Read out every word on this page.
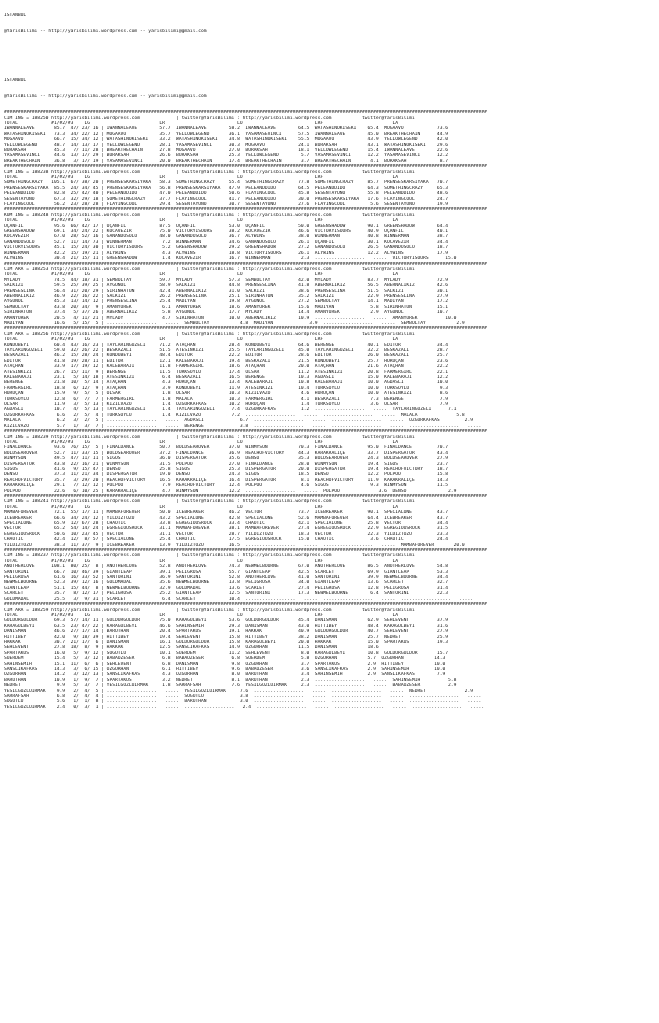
ISTANBUL

@YarisBilimi -- http://yarisbilimi.wordpress.com -- yarisbilimi@gmail.com

ISTANBUL

@YarisBilimi -- http://yarisbilimi.wordpress.com -- yarisbilimi@gmail.com

##############################################################################################################################################################################
CIM ING = 188250 http://yarisbilimi.wordpress.com             | twitter@YarisBilimi : http://yarisbilimi.wordpress.com           twitter@YarisBilimi
TOTAL            #1/#2/#3    LG                         LR                          LO                          LRF                         LA
IWANNALEAVE       85.7  47/ 23/ 16 | IWANNALEAVE        57.7  IWANNALEAVE        58.2  IWANNALEAVE        64.5  WATASHINOKISEKI    65.4  MOGAAVO            73.6
WATASHINOKISEKI   73.3  34/ 22/ 12 | MOGAAVO            35.7  YELLOWLEGEND       36.1  YASAMASEVINCI      57.5  IWANNALEAVE        45.0  BREAKTHECHAIN      44.9
MOGAAVO           66.7  15/ 34/ 12 | WATASHINOKISEKI    33.2  WATASHINOKISEKI    34.8  WATASHINOKISEKI    55.5  MOGAAVO            43.9  YELLOWLEGEND       42.0
YELLOWLEGEND      48.7  14/ 13/ 17 | YELLOWLEGEND       28.1  YASAMASEVINCI      30.3  MOGAAVO            24.1  BURAKSAH           43.1  WATASHINOKISEKI    29.6
BURAKSAH          45.3   7/ 11/ 28 | BREAKTHECHAIN      27.8  MOGAAVO            27.0  BURAKSAH           18.1  YELLOWLEGEND       15.4  IWANNALEAVE        22.6
YASAMASEVINCI     44.6  13/ 17/ 29 | BURAKSAH           26.6  BURAKSAH           25.3  YELLOWLEGEND        5.7  YASAMASEVINCI      12.2  YASAMASEVINCI      12.2
BREAKTHECHAIN     36.8   3/ 17/ 19 | YASAMASEVINCI      20.0  BREAKTHECHAIN      17.4  BREAKTHECHAIN       3.7  BREAKTHECHAIN       4.1  BURAKSAH            8.7
##############################################################################################################################################################################
CIM ING = 188238 http://yarisbilimi.wordpress.com             | twitter@YarisBilimi : http://yarisbilimi.wordpress.com           twitter@YarisBilimi
TOTAL            #1/#2/#3    LG                         LR                          LO                          LRF                         LA
SOMETHINGCRAZY   105.1  67/ 38/ 20 | PRENSESKARSIYAKA   58.3  SOMETHINGCRAZY     55.4  SOMETHINGCRAZY     77.8  SOMETHINGCRAZY     85.7  PRENSESKARSIYAKA   70.7
PRENSESKARSIYAKA  85.5  24/ 34/ 45 | PRENSESKARSIYAKA   56.8  PRENSESKARSIYAKA   47.9  PELEANDDIDO        64.5  PELEANDDIDO        64.3  SOMETHINGCRAZY     65.3
PELEANDDIDO       82.8  25/ 42/ 40 | PELEANDDIDO        47.0  PELEANDDIDO        50.6  FLAYINGCOOL        45.8  SESENTAYUNO        55.8  PELEANDDIDO        48.6
SESENTAYUNO       67.3  32/ 29/ 18 | SOMETHINGCRAZY     37.7  FLAYINGCOOL        41.7  PELEANDDIDO        30.0  PRENSESKARSIYAKA   17.6  FLAYINGCOOL        24.7
FLAYINGCOOL       56.2  23/ 28/ 28 | FLAYINGCOOL        29.4  SESENTAYUNO        30.7  SESENTAYUNO        27.6  FLAYINGCOOL         5.6  SESENTAYUNO        19.9
##############################################################################################################################################################################
KUM ING = 188248 http://yarisbilimi.wordpress.com             | twitter@YarisBilimi : http://yarisbilimi.wordpress.com           twitter@YarisBilimi
TOTAL            #1/#2/#3    LG                         LR                          LO                          LRF                         LA
UÇANFİL           95.6  66/ 42/ 17 | UÇANFİL            87.5  UÇANFİL            53.0  UÇANFİL            50.0  GREENSHADOW        90.1  GREENSHADOW        64.4
GREENSHADOW       69.1  34/ 24/ 22 | KOCAVEZİR          75.0  VICTORYISOURS      38.2  KOCAVEZİR          46.6  VICTORYISOURS      40.9  UÇANFİL            40.1
KOCAVEZİR         67.0  28/ 52/ 16 | GANANDOSOLO        48.0  GANANDOSOLO        36.7  ALYWINS            38.0  WINNERMAN          40.8  WINNERMAN          38.7
GANANDOSOLO       52.7  11/ 14/ 73 | WINNERMAN           7.2  WINNERMAN          34.6  GANANDOSOLO        26.1  UÇANFİL            30.1  KOCAVEZİR          34.4
VICTORYISOURS     45.1  15/ 24/ 30 | VICTORYISOURS       5.2  GREENSHADOW        29.2  GREENSHADOW        27.2  GANANDOSOLO        26.5  GANANDOSOLO        18.7
WINNERMAN         42.2  15/ 19/ 21 | ALYWINS             4.3  ALYWINS            18.8  VICTORYISOURS      26.1  ALYWINS            12.2  ALYWINS            17.9
ALYWINS           30.4  21/ 15/ 11 | GREENSHADOW         1.4  KOCAVEZİR          16.7  WINNERMAN           2.3  ..................   .....  VICTORYISOURS      15.0
##############################################################################################################################################################################
CIM ARA = 188253 http://yarisbilimi.wordpress.com             | twitter@YarisBilimi : http://yarisbilimi.wordpress.com           twitter@YarisBilimi
TOTAL            #1/#2/#3    LG                         LR                          LO                          LRF                         LA
MYLADY            74.5  44/ 18/ 31 | SEMBOLTAY          59.7  MYLADY             57.3  SEMBOLTAY          42.0  MYLADY             83.7  MYLADY             72.9
SALKIZI           59.5  25/ 39/ 25 | AYGÜNOL            58.9  SALKIZI            44.8  PRENSESLINA        41.8  ABERNALIKIZ        56.5  ABERNALIKIZ        42.6
PRENSESLINA       56.4  31/ 20/ 29 | SIRINHATUN         42.4  ABERNALIKIZ        31.0  SALKIZI            38.6  PRENSESLINA        51.5  SALKIZI            30.1
ABERNALIKIZ       46.9  22/ 16/ 22 | SALKIZI            26.2  PRENSESLINA        25.1  SIRINHATUN         35.2  SALKIZI            22.9  PRENSESLINA        27.9
AYGÜNOL           45.3  13/ 14/ 12 | PRENSESLINA        25.4  MADIYAN            19.8  AYGÜNOL            27.2  SEMBOLTAY          14.1  MADIYAN            17.2
SEMBOLTAY         43.8  20/ 34/  9 | AMANYÜREK           6.1  AMANYÜREK          18.6  AMANYÜREK          15.6  MADIYAN             5.8  SIRINHATUN         15.1
SIRINHATUN        37.4   5/ 37/ 26 | ABERNALIKIZ         5.8  AYGÜNOL            17.7  MYLADY             14.4  AMANYÜREK           2.9  AYGÜNOL            10.7
AMANYÜREK         20.5   4/ 11/ 21 | MYLADY              4.7  SIRINHATUN         10.0  ABERNALIKIZ        10.9  ..................   .....  AMANYÜREK          10.0
MADIYAN           16.6   5/ 15/  5 | ..................   .....  SEMBOLTAY           4.8  MADIYAN             3.9  ..................   .....  SEMBOLTAY           2.9
##############################################################################################################################################################################
CIM ARA = 188256 http://yarisbilimi.wordpress.com             | twitter@YarisBilimi : http://yarisbilimi.wordpress.com           twitter@YarisBilimi
TOTAL            #1/#2/#3    LG                         LR                          LO                          LRF                         LA
KONDUBEYI         60.4  43/ 16/ 23 | TAYLARINGÜZELI     71.2  ATAÇHAN            28.4  KONDUBEYI          64.6  BERENGE            40.1  EDITÖR             34.4
TAYLARINGÜZELI    59.0  32/ 26/ 22 | BESKAZALI          51.5  ATESINKIZI         25.5  TAYLARINGÜZELI     45.0  TAYLARINGÜZELI     32.2  BESKAZALI          28.7
BESKAZALI         46.2  15/ 28/ 24 | KONDUBEYI          48.4  EDITÖR             22.2  EDITÖR             28.6  EDITÖR             26.0  BESKAZALI          25.7
EDITÖR            41.8  19/ 28/ 11 | EDITÖR             12.1  KALEBARAJI         19.4  BESKAZALI          21.5  KONDUBEYI          25.7  HÜRUÇAN            23.6
ATAÇHAN           33.9  17/ 19/ 12 | KALEBARAJI         11.8  FARMERGIRL         18.6  ATAÇHAN            20.0  ATAÇHAN            21.6  ATAÇHAN            22.2
ATESINKIZI        26.7  15/ 11/  9 | BERENGE            11.5  TÜRKSOYLU          17.4  OLSAR              11.2  ATESINKIZI         20.8  FARMERGIRL         22.1
KALEBARAJI        23.1   5/ 14/ 18 | ATESINKIZI          6.4  BESKAZALI          16.5  BERENGE            10.3  AGDASLI            15.0  KALEBARAJI         12.2
BERENGE           21.8  10/  5/ 14 | ATAÇHAN             4.3  HÜRUÇAN            13.4  KALEBARAJI         10.8  KALEBARAJI         10.0  AGDASLI            10.0
FARMERGIRL        18.8   6/ 12/  9 | ATAÇHAN             3.9  KONDUBEYI          11.9  ATESINKIZI         10.4  TÜRKSOYLU          10.0  TÜRKSOYLU           9.3
HÜRUÇAN           15.9   9/  5/  5 | OLSAR               1.8  OLSAR              10.3  KIZILVAZO           4.6  HÜRUÇAN            10.0  ATESINKIZI          8.6
TÜRKSOYLU         12.8   6/  7/  7 | FARMERGIRL          1.8  MALALA             10.3  FARMERGIRL          4.1  BESKAZALI           7.3  BERENGE             7.9
OLSAR             11.9   3/  5/ 13 | KIZILVAZO           1.4  ÖZGÜRKAFKAS        10.2  HÜRUÇAN             1.4  TÜRKSOYLU           3.6  OLSAR               7.9
AGDASLI           10.7   4/  5/ 13 | TAYLARINGÜZELI      1.4  TAYLARINGÜZELI      7.4  ÖZGÜRKAFKAS         1.2  ..................   .....  TAYLARINGÜZELI      7.1
ÖZGÜRKAFKAS        6.6   2/  5/  4 | TÜRKSOYLU           1.4  KIZILVAZO           7.2  ..................   .....  ..................   .....  MALALA              5.8
MALALA             6.2   3/  2/  5 | ..................   .....  AGDASLI             6.7  ..................   .....  ..................   .....  ÖZGÜRKAFKAS         2.9
KIZILVAZO          5.7   1/  3/  7 | ..................   .....  BERENGE             3.8  ..................   .....  ..................   .....  ..................   .....
##############################################################################################################################################################################
CIM ING = 188239 http://yarisbilimi.wordpress.com             | twitter@YarisBilimi : http://yarisbilimi.wordpress.com           twitter@YarisBilimi
TOTAL            #1/#2/#3    LG                         LR                          LO                          LRF                         LA
FINALDANCE        93.6  76/ 15/  5 | FINALDANCE         50.7  BOLDSEAROVER       37.0  WINMYSON           70.3  FINALDANCE         95.0  FINALDANCE         70.7
BOLDSEAROVER      52.7  11/ 33/ 15 | BOLDSEAROVER       37.2  FINALDANCE         36.9  REACHOFVICTORY     44.3  KARAKRALIÇE        33.7  DISPERGATÖR        43.4
WINMYSON          49.5  47/ 11/ 11 | SIGOS              36.0  DISPERGATÖR        35.6  DENSO              35.3  BOLDSEAROVER       24.3  BOLDSEAROVER       27.9
DISPERGATÖR       43.8  22/ 16/ 21 | WINMYSON           31.5  POLPOO             27.0  FINALDANCE         28.0  WINMYSON           19.4  SIGOS              23.7
SIGOS             41.6   9/ 15/ 47 | DENSO              25.8  SIGOS              25.3  DISPERGATÖR        20.0  DISPERGATÖR        19.4  REACHOFVICTORY     18.7
DENSO             37.3  11/ 21/ 34 | DISPERGATÖR        19.0  DENSO              24.3  SIGOS              18.5  DENSO              12.2  POLPOO             15.8
REACHOFVICTORY    35.7   3/ 29/ 20 | REACHOFVICTORY     16.5  KARAKRALIÇE        16.4  DISPERGATÖR         8.1  REACHOFVICTORY     11.9  KARAKRALIÇE        14.3
KARAKRALIÇE       29.1   7/ 12/ 12 | POLPOO              7.9  REACHOFVICTORY     12.4  POLPOO              4.6  SIGOS               9.3  WINMYSON           11.5
POLPOO            22.6   6/ 10/ 25 | KARAKRALIÇE         4.7  WINMYSON           12.2  ..................   .....  POLPOO              3.6  DENSO               2.9
##############################################################################################################################################################################
CIM ING = 188241 http://yarisbilimi.wordpress.com             | twitter@YarisBilimi : http://yarisbilimi.wordpress.com           twitter@YarisBilimi
TOTAL            #1/#2/#3    LG                         LR                          LO                          LRF                         LA
MAMBAFOREVER      72.1  55/ 17/ 11 | MAMBAFOREVER       50.0  ICEBREAKER         46.2  VECTOR             73.7  ICEBREAKER         90.1  SPECIALONE         43.7
ICEBREAKER        66.6  34/ 24/ 12 | YILDIZTOZU         43.2  SPECIALONE         42.8  SPECIALONE         52.6  MAMBAFOREVER       64.4  ICEBREAKER         43.7
SPECIALONE        65.9  12/ 67/ 28 | CHAOTIC            33.8  EGREGIOUSROCK      33.4  CHAOTIC            42.1  SPECIALONE         25.8  VECTOR             34.4
VECTOR            65.2  54/ 14/ 24 | EGREGIOUSROCK      31.1  MAMBAFOREVER       38.1  MAMBAFOREVER       27.4  EGREGIOUSROCK      22.9  EGREGIOUSROCK      31.5
EGREGIOUSROCK     50.6  10/ 23/ 45 | VECTOR             31.1  VECTOR             28.7  YILDIZTOZU         18.3  VECTOR             22.3  YILDIZTOZU         23.3
CHAOTIC           42.4  12/  8/ 57 | SPECIALONE         25.4  CHAOTIC            17.5  EGREGIOUSROCK      15.0  CHAOTIC             3.6  CHAOTIC            24.4
YILDIZTOZU        38.3  11/ 37/  9 | ICEBREAKER         13.9  YILDIZTOZU         16.5  ..................   .....  ..................   .....  MAMBAFOREVER       20.0
##############################################################################################################################################################################
CIM ING = 188237 http://yarisbilimi.wordpress.com             | twitter@YarisBilimi : http://yarisbilimi.wordpress.com           twitter@YarisBilimi
TOTAL            #1/#2/#3    LG                         LR                          LO                          LRF                         LA
ANOTHERLOVE      108.1  80/ 25/  8 | ANOTHERLOVE        52.8  ANOTHERLOVE        74.3  NEWMELBOURNE       67.0  ANOTHERLOVE        86.5  ANOTHERLOVE        54.8
SANTORINI         66.7  10/ 46/ 39 | GIANTLEAP          39.1  PELIGROSA          55.7  GIANTLEAP          42.5  SCARLET            69.9  GIANTLEAP          53.3
PELIGROSA         61.6  16/ 33/ 52 | SANTORINI          36.9  SANTORINI          52.8  ANOTHERLOVE        41.0  SANTORINI          39.9  NEWMELBOURNE       34.4
NEWMELBOURNE      52.3  39/ 12/ 16 | GOLDMADAL          35.6  NEWMELBOURNE       13.8  PELIGROSA          34.0  GIANTLEAP          13.6  SCARLET            32.7
GIANTLEAP         51.1  15/ 44/  8 | NEWMELBOURNE       32.9  GOLDMADAL          13.6  SCARLET            27.4  PELIGROSA          12.8  PELIGROSA          31.4
SCARLET           35.7   8/ 12/ 17 | PELIGROSA          25.2  GIANTLEAP          12.5  SANTORINI          17.3  NEWMELBOURNE        6.4  SANTORINI          22.3
GOLDMADAL         25.5   3/  9/ 31 | SCARLET             6.4  SCARLET            10.4  ..................   .....  ..................   .....  ..................   .....
##############################################################################################################################################################################
CIM ARA = 188259 http://yarisbilimi.wordpress.com             | twitter@YarisBilimi : http://yarisbilimi.wordpress.com           twitter@YarisBilimi
TOTAL            #1/#2/#3    LG                         LR                          LO                          LRF                         LA
GÜLDÜRGÜLDÜR      69.3  57/ 14/ 11 | GÜLDÜRGÜLDÜR       75.0  KARAGÜLBEYI        53.6  GÜLDÜRGÜLDÜR       45.4  DANISMAN           62.9  SEHLEVENT          37.9
KARAGÜLBEYI       63.5  23/ 47/ 22 | KARAGÜLBEYI        46.6  SAHINSEMIH         29.3  DANISMAN           43.0  HITTIBEY           48.4  KARAGÜLBEYI        31.6
DANISMAN          46.6  27/ 17/ 14 | BARUTHAN           20.4  SPARTAKÜS          19.1  HAKKAK             40.9  GÜLDÜRGÜLDÜR       40.7  SEHLEVENT          27.9
HITTIBEY          42.0   9/ 18/ 39 | HITTIBEY           19.4  SEHLEVENT          15.8  HITTIBEY           38.2  DANISMAN           25.7  NEDRET             25.9
HAKKAK            30.7  21/ 17/  6 | DANISMAN           16.1  GÜLDÜRGÜLDÜR       15.8  KARAGÜLBEYI        20.0  HAKKAK             15.0  SPARTAKÜS          19.3
SEHLEVENT         27.8  18/  8/  9 | HAKKAK             12.5  SANSLIKAFKAS       14.9  ÖZGÜRHAN           11.5  DANISMAN           18.6
SPARTAKÜS         16.0   5/  9/ 12 | SÖGÜTLÜ            10.1  SÜERDEM            11.2  SEHLEVENT           8.0  KARAGÜLBEYI        10.8  GÜLDÜRGÜLDÜR       15.7
SÜERDEM           15.4   5/  3/ 12 | BABAÖZESER          6.8  BABAÖZESER          6.8  SÜERDEM             5.8  ÖZGÜRHAN           5.7  ÖZGÜRHAN           14.3
SAHINSEMIH        15.1  11/  6/  6 | SEHLEVENT           6.8  DANISMAN            9.8  ÖZGÜRHAN            3.7  SPARTAKÜS          2.9  HITTIBEY           10.0
SANSLIKAFKAS      14.3   3/  6/ 15 | ÖZGÜRHAN            6.1  HITTIBEY            9.6  BABAÖZESER          3.6  SANSLIKAFKAS       2.9  SAHINSEMIH         10.0
ÖZGÜRHAN          14.2   3/ 12/ 13 | SANSLIKAFKAS        4.3  ÖZGÜRHAN            8.0  BARUTHAN            3.4  SAHINSEMIH         2.9  SANSLIKAFKAS        7.9
BARUTHAN          10.9   1/  9/  7 | SPARTAKÜS           3.2  NEDRET              8.1  BARUTHAN            2.3  ..................   .....  SAHINSEMIH          5.8
NEDRET             9.9   5/  3/  7 | YESILGÖZLÜIRMAK     1.8  SARRAFSAH           7.6  YESILGÖZLÜIRMAK     2.3  ..................   .....  BABAÖZESER          2.9
YESILGÖZLÜIRMAK    9.9   2/  4/  5 | ..................   .....  YESILGÖZLÜIRMAK     7.6  ..................   .....  ..................   .....  NEDRET              2.9
SARRAFSAH          6.8   2/  4/  4 | ..................   .....  SÖGÜTLÜ             3.8  ..................   .....  ..................   .....  ..................   .....
SÖGÜTLÜ            5.6   1/  1/  8 | ..................   .....  BARUTHAN            3.0  ..................   .....  ..................   .....  ..................   .....
YESILGÖZLÜIRMAK    2.4   0/  3/  1 | ..................   .....  ..................   2.4  ..................   .....  ..................   .....  ..................   .....
